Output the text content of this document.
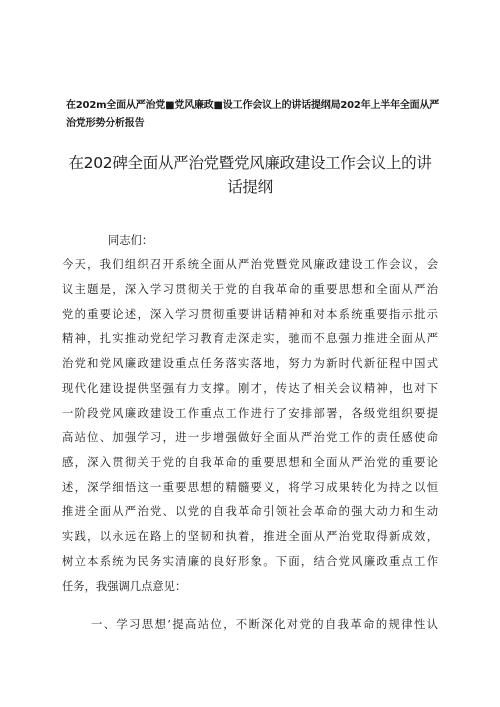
在202m全面从严治党■党风廉政■设工作会议上的讲话提纲局202年上半年全面从严
治党形势分析报告
在202碑全面从严治党暨党风廉政建设工作会议上的讲
话提纲
同志们：
今天，我们组织召开系统全面从严治党暨党风廉政建设工作会议，会
议主题是，深入学习贯彻关于党的自我革命的重要思想和全面从严治
党的重要论述，深入学习贯彻重要讲话精神和对本系统重要指示批示
精神，扎实推动党纪学习教育走深走实，驰而不息强力推进全面从严
治党和党风廉政建设重点任务落实落地，努力为新时代新征程中国式
现代化建设提供坚强有力支撑。刚才，传达了相关会议精神，也对下
一阶段党风廉政建设工作重点工作进行了安排部署，各级党组织要提
高站位、加强学习，进一步增强做好全面从严治党工作的责任感使命
感，深入贯彻关于党的自我革命的重要思想和全面从严治党的重要论
述，深学细悟这一重要思想的精髓要义，将学习成果转化为持之以恒
推进全面从严治党、以党的自我革命引领社会革命的强大动力和生动
实践，以永远在路上的坚韧和执着，推进全面从严治党取得新成效，
树立本系统为民务实清廉的良好形象。下面，结合党风廉政重点工作
任务，我强调几点意见：
一、学习思想’提高站位，不断深化对党的自我革命的规律性认
